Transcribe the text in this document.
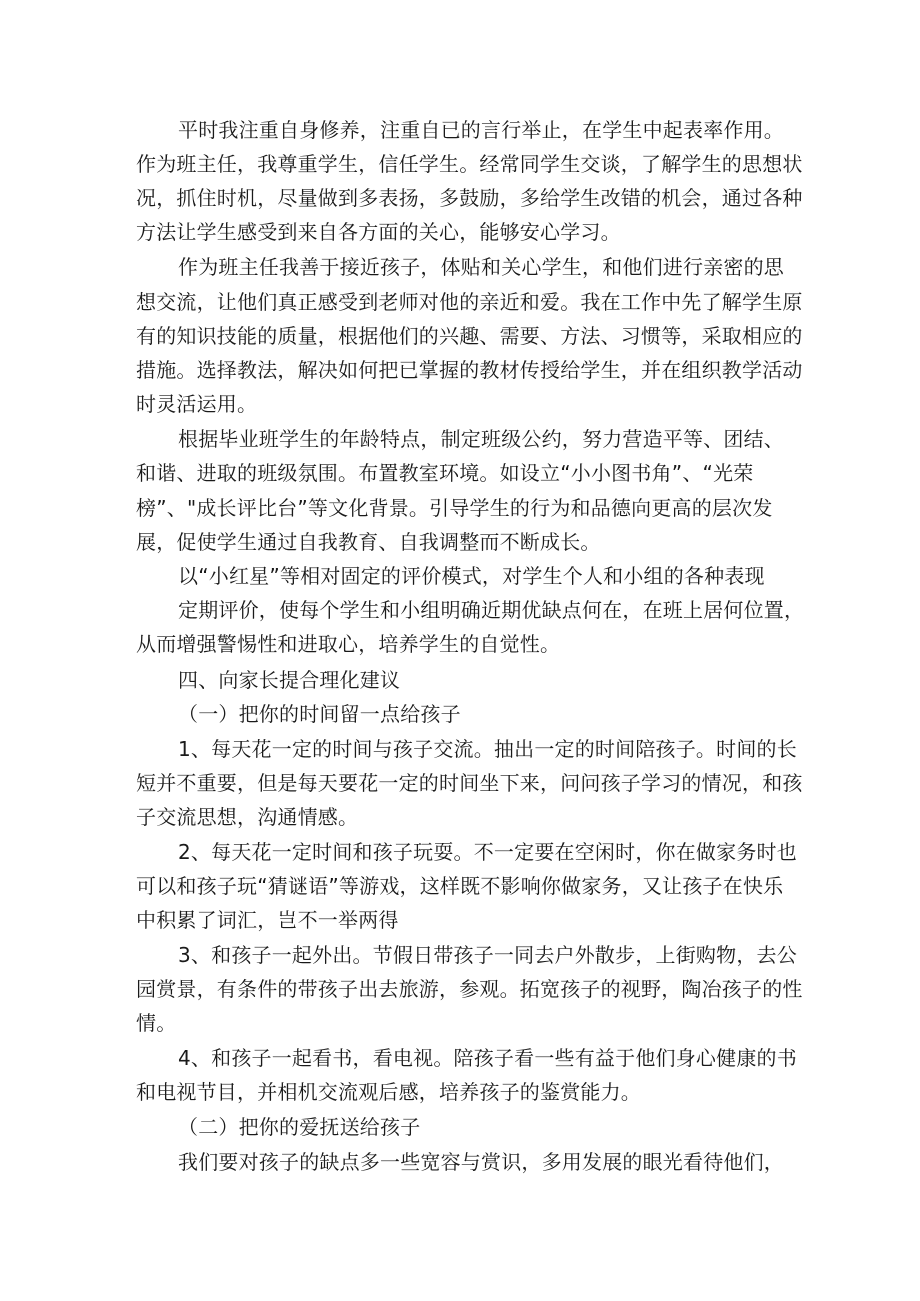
平时我注重自身修养，注重自已的言行举止，在学生中起表率作用。
作为班主任，我尊重学生，信任学生。经常同学生交谈，了解学生的思想状
况，抓住时机，尽量做到多表扬，多鼓励，多给学生改错的机会，通过各种
方法让学生感受到来自各方面的关心，能够安心学习。
作为班主任我善于接近孩子，体贴和关心学生，和他们进行亲密的思
想交流，让他们真正感受到老师对他的亲近和爱。我在工作中先了解学生原
有的知识技能的质量，根据他们的兴趣、需要、方法、习惯等，采取相应的
措施。选择教法，解决如何把已掌握的教材传授给学生，并在组织教学活动
时灵活运用。
根据毕业班学生的年龄特点，制定班级公约，努力营造平等、团结、
和谐、进取的班级氛围。布置教室环境。如设立“小小图书角”、“光荣
榜”、"成长评比台”等文化背景。引导学生的行为和品德向更高的层次发
展，促使学生通过自我教育、自我调整而不断成长。
以“小红星”等相对固定的评价模式，对学生个人和小组的各种表现
定期评价，使每个学生和小组明确近期优缺点何在，在班上居何位置，
从而增强警惕性和进取心，培养学生的自觉性。
四、向家长提合理化建议
（一）把你的时间留一点给孩子
1、每天花一定的时间与孩子交流。抽出一定的时间陪孩子。时间的长
短并不重要，但是每天要花一定的时间坐下来，问问孩子学习的情况，和孩
子交流思想，沟通情感。
2、每天花一定时间和孩子玩耍。不一定要在空闲时，你在做家务时也
可以和孩子玩“猜谜语”等游戏，这样既不影响你做家务，又让孩子在快乐
中积累了词汇，岂不一举两得
3、和孩子一起外出。节假日带孩子一同去户外散步，上街购物，去公
园赏景，有条件的带孩子出去旅游，参观。拓宽孩子的视野，陶冶孩子的性
情。
4、和孩子一起看书，看电视。陪孩子看一些有益于他们身心健康的书
和电视节目，并相机交流观后感，培养孩子的鉴赏能力。
（二）把你的爱抚送给孩子
我们要对孩子的缺点多一些宽容与赏识，多用发展的眼光看待他们，
